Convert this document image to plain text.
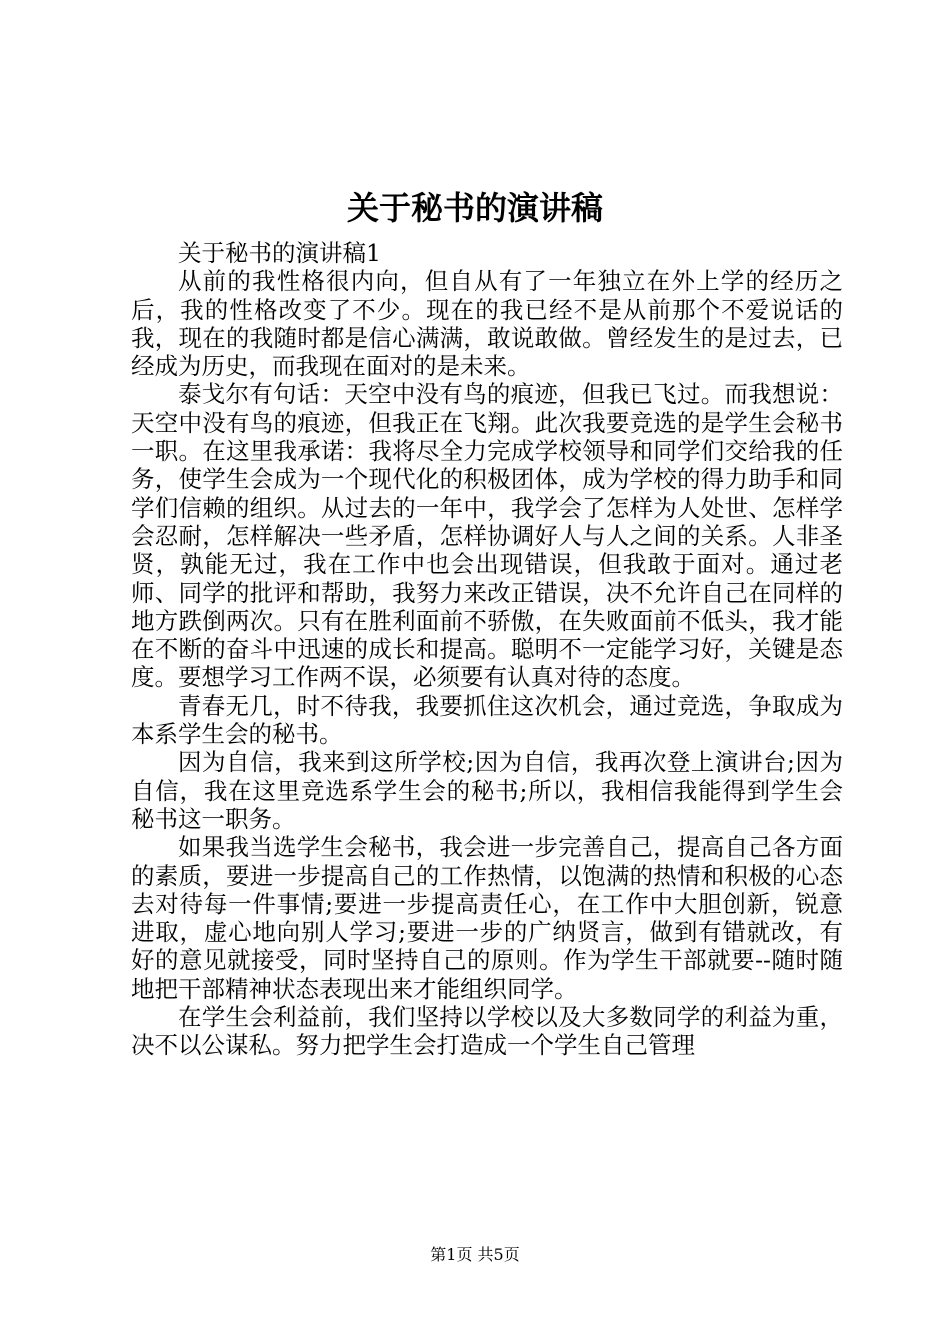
关于秘书的演讲稿

关于秘书的演讲稿1

从前的我性格很内向，但自从有了一年独立在外上学的经历之后，我的性格改变了不少。现在的我已经不是从前那个不爱说话的我，现在的我随时都是信心满满，敢说敢做。曾经发生的是过去，已经成为历史，而我现在面对的是未来。

泰戈尔有句话：天空中没有鸟的痕迹，但我已飞过。而我想说：天空中没有鸟的痕迹，但我正在飞翔。此次我要竞选的是学生会秘书一职。在这里我承诺：我将尽全力完成学校领导和同学们交给我的任务，使学生会成为一个现代化的积极团体，成为学校的得力助手和同学们信赖的组织。从过去的一年中，我学会了怎样为人处世、怎样学会忍耐，怎样解决一些矛盾，怎样协调好人与人之间的关系。人非圣贤，孰能无过，我在工作中也会出现错误，但我敢于面对。通过老师、同学的批评和帮助，我努力来改正错误，决不允许自己在同样的地方跌倒两次。只有在胜利面前不骄傲，在失败面前不低头，我才能在不断的奋斗中迅速的成长和提高。聪明不一定能学习好，关键是态度。要想学习工作两不误，必须要有认真对待的态度。

青春无几，时不待我，我要抓住这次机会，通过竞选，争取成为本系学生会的秘书。

因为自信，我来到这所学校;因为自信，我再次登上演讲台;因为自信，我在这里竞选系学生会的秘书;所以，我相信我能得到学生会秘书这一职务。

如果我当选学生会秘书，我会进一步完善自己，提高自己各方面的素质，要进一步提高自己的工作热情，以饱满的热情和积极的心态去对待每一件事情;要进一步提高责任心，在工作中大胆创新，锐意进取，虚心地向别人学习;要进一步的广纳贤言，做到有错就改，有好的意见就接受，同时坚持自己的原则。作为学生干部就要--随时随地把干部精神状态表现出来才能组织同学。

在学生会利益前，我们坚持以学校以及大多数同学的利益为重，决不以公谋私。努力把学生会打造成一个学生自己管理

第1页 共5页
